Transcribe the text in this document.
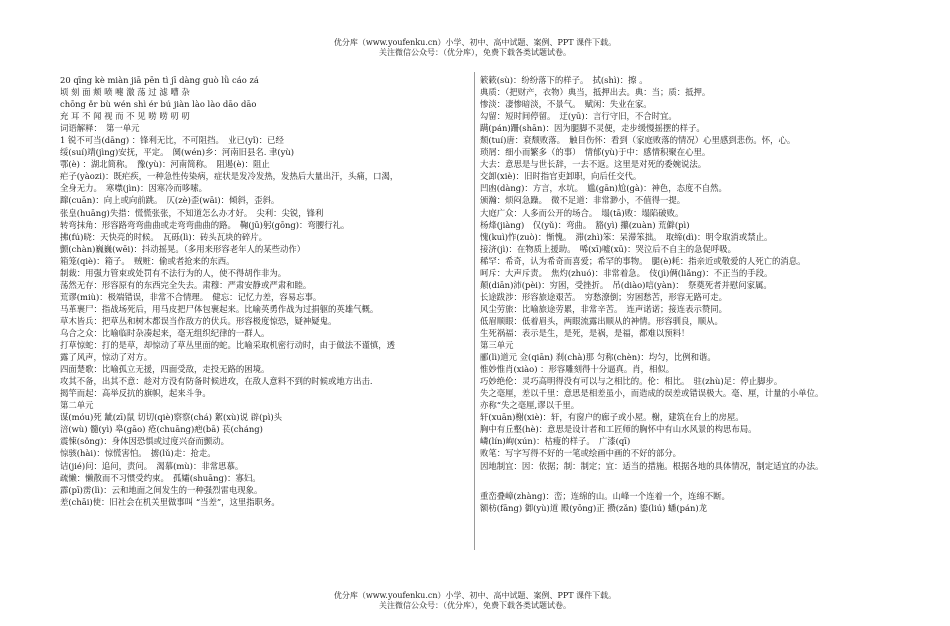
优分库（www.youfenku.cn）小学、初中、高中试题、案例、PPT 课件下载。
关注微信公众号：（优分库），免费下载各类试题试卷。
20 qīng kè miàn jiā pēn tì jī dàng guò lǜ cáo zá
顷 刻 面 颊 喷 嚏 激 荡 过 滤 嘈 杂
chōng ěr bù wén shì ér bú jiàn lào lào dāo dāo
充 耳 不 闻 视 而 不 见 唠 唠 叨 叨
词语解释：　第一单元
1 锐不可当(dāng) ：锋利无比，不可阻挡。　业已(yǐ)：已经
绥(suí)靖(jìng)安抚，平定。　阒(wén)乡：河南旧县名. 聿(yù)
鄂(è) ：湖北简称。　豫(yù)：河南简称。　阻遏(è)：阻止
疟子(yàozi)：既疟疾，一种急性传染病，症状是发冷发热，发热后大量出汗，头痛，口渴，
全身无力。　寒噤(jìn)：因寒冷而哆嗦。
蹿(cuān)：向上或向前跳。　仄(zè)歪(wāi)：倾斜，歪斜。
张皇(huāng)失措：慌慌张张，不知道怎么办才好。　尖利：尖锐，锋利
转弯抹角：形容路弯弯曲曲或走弯弯曲曲的路。　鞠(jū)躬(gōng)：弯腰行礼。
拂(fú)晓：天快亮的时候。　瓦砾(lì)：砖头瓦块的碎片。
颤(chàn)巍巍(wēi)：抖动摇晃。（多用来形容老年人的某些动作）
箱笼(qiè)：箱子。　贼赃：偷或者抢来的东西。
制裁：用强力管束或处罚有不法行为的人，使不得胡作非为。
荡然无存：形容原有的东西完全失去。肃穆：严肃安静或严肃和睦。
荒谬(miù)：极端错误，非常不合情理。　健忘：记忆力差，容易忘事。
马革裹尸：指战场死后，用马皮把尸体包裹起来。比喻英勇作战为过捐躯的英雄气概。
草木皆兵：把草丛和树木都误当作敌方的伏兵。形容极度惊恐，疑神疑鬼。
乌合之众：比喻临时杂凑起来，毫无组织纪律的一群人。
打草惊蛇：打的是草，却惊动了草丛里面的蛇。比喻采取机密行动时，由于做法不谨慎，透
露了风声，惊动了对方。
四面楚歌：比喻孤立无援，四面受敌，走投无路的困境。
攻其不备，出其不意：趁对方没有防备时候进攻，在敌人意料不到的时候或地方出击.
揭竿而起：高举反抗的旗帜，起来斗争。
第二单元
谋(móu)死 龇(zī)鼠 切切(qiè)察察(chá) 絮(xù)说 辟(pì)头
涪(wù) 髓(yì) 皋(gāo) 疮(chuāng)疤(bā) 苌(cháng)
震悚(sǒng)：身体因恐惧或过度兴奋而颤动。
惊骇(hài)：惊慌害怕。　掳(lǔ)走：抢走。
诘(jié)问：追问，责问。　渴慕(mù)：非常思慕。
疏懒：懒散而不习惯受约束。　孤孀(shuāng)：寡妇。
霹(pī)雳(lì)：云和地面之间发生的一种强烈雷电现象。
差(chāi)使：旧社会在机关里做事叫 “当差”，这里指职务。
簌簌(sù)：纷纷落下的样子。　拭(shì)：擦 。
典质：（把财产，衣物）典当，抵押出去。典：当；质：抵押。
惨淡：凄惨暗淡，不景气。　赋闲：失业在家。
勾留：短时间停留。　迂(yū)：言行守旧，不合时宜。
蹒(pán)跚(shān)：因为腿脚不灵便，走步缓慢摇摆的样子。
颓(tuí)唐：衰颓败落。　触目伤怀：看到（家庭败落的情况）心里感到悲伤。怀，心。
琐屑：细小而繁多（的事）　情郁(yù)于中：感情积聚在心里。
大去：意思是与世长辞，一去不返。这里是对死的委婉说法。
交卸(xiè)：旧时指官吏卸职，向后任交代。
凹凼(dàng)：方言，水坑。　尴(gān)尬(gà)：神色，态度不自然。
颁瀚：烦闷急躁。　微不足道：非常渺小，不值得一提。
大庭广众：人多而公开的场合。　塌(tā)败：塌陷破败。
杨烽(jiàng)　仅(yǔ)：弯曲。　豁(yì) 攥(zuàn) 荒僻(pì)
愧(kuì)怍(zuò)：惭愧。　滞(zhì)笨：呆滞笨拙。　取缔(dì)：明令取消或禁止。
接济(jì)：在物质上援助。　唏(xī)嘘(xū)：哭泣后不自主的急促呼吸。
稀罕：希奇，认为希奇而喜爱；希罕的事物。　腿(è)耗：指亲近或敬爱的人死亡的消息。
呵斥：大声斥责。　焦灼(zhuó)：非常着急。　伎(jì)俩(liǎng)：不正当的手段。
颠(diān)沛(pèi)：穷困，受挫折。　吊(diào)唁(yàn)：　祭奠死者并慰问家属。
长途跋涉：形容旅途艰苦。　穷愁潦倒；穷困愁苦，形容无路可走。
风尘劳旅：比喻旅途劳累，非常辛苦。　连声诺诺；接连表示赞同。
低眉顺眼：低着眉头，两眼流露出顺从的神情。形容驯良，顺从。
生死祸福：表示是生，是死，是祸，是福，都难以预料！
第三单元
郦(lì)道元 佥(qiān) 刹(chà)那 匀称(chèn)：均匀，比例和谐。
惟妙惟肖(xiào) ：形容雕刻得十分逼真。肖，相似。
巧妙绝伦：灵巧高明得没有可以与之相比的。伦：相比。　驻(zhù)足：停止脚步。
失之毫厘，差以千里：意思是相差虽小，而造成的误差或错误极大。毫、厘，计量的小单位。
亦称“失之毫厘,谬以千里。
轩(xuān)榭(xiè)：轩，有窗户的廊子或小屋。榭，建筑在台上的房屋。
胸中有丘壑(hè)：意思是设计者和工匠师的胸怀中有山水风景的构思布局。
嶙(lín)峋(xún)：枯瘦的样子。　广漆(qī)
败笔：写字写得不好的一笔或绘画中画的不好的部分。
因地制宜：因：依据；制：制定；宜：适当的措施。根据各地的具体情况，制定适宜的办法。
重峦叠嶂(zhàng)：峦；连绵的山。山峰一个连着一个，连绵不断。
额枋(fāng) 御(yù)道 殿(yōng)正 攒(zǎn) 鎏(liú) 蟠(pán)龙
优分库（www.youfenku.cn）小学、初中、高中试题、案例、PPT 课件下载。
关注微信公众号：（优分库），免费下载各类试题试卷。
